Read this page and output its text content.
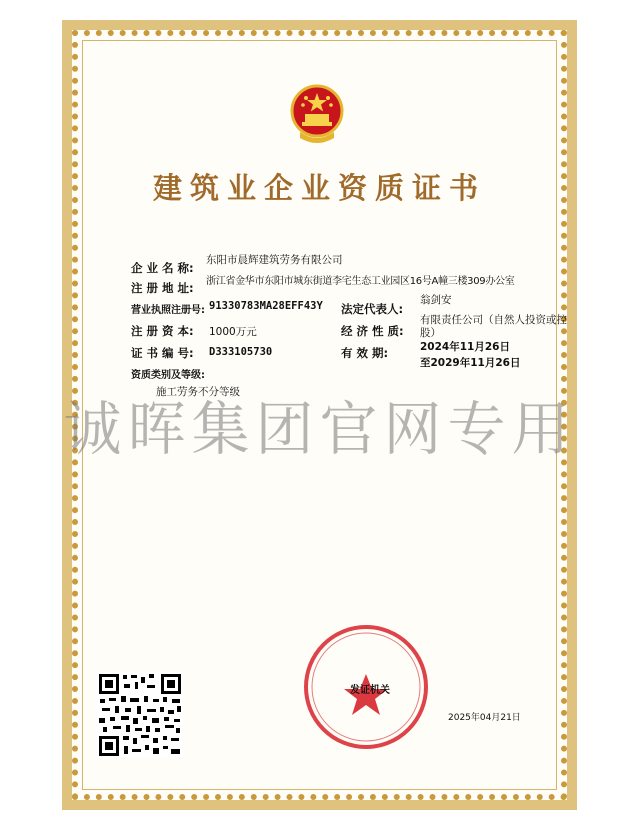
建筑业企业资质证书
企 业 名 称:
东阳市晨辉建筑劳务有限公司
注 册 地 址: 浙江省金华市东阳市城东街道李宅生态工业园区16号A幢三楼309办公室
营业执照注册号: 91330783MA28EFF43Y 法定代表人:
翁剑安
注 册 资 本: 1000万元	经 济 性 质:
有限责任公司（自然人投资或控
股）
证 书 编 号: D333105730	有 效 期:	2024年11月26日
至2029年11月26日
资质类别及等级:
施工劳务不分等级
诚晖集团官网专用
发证机关
2025年04月21日
